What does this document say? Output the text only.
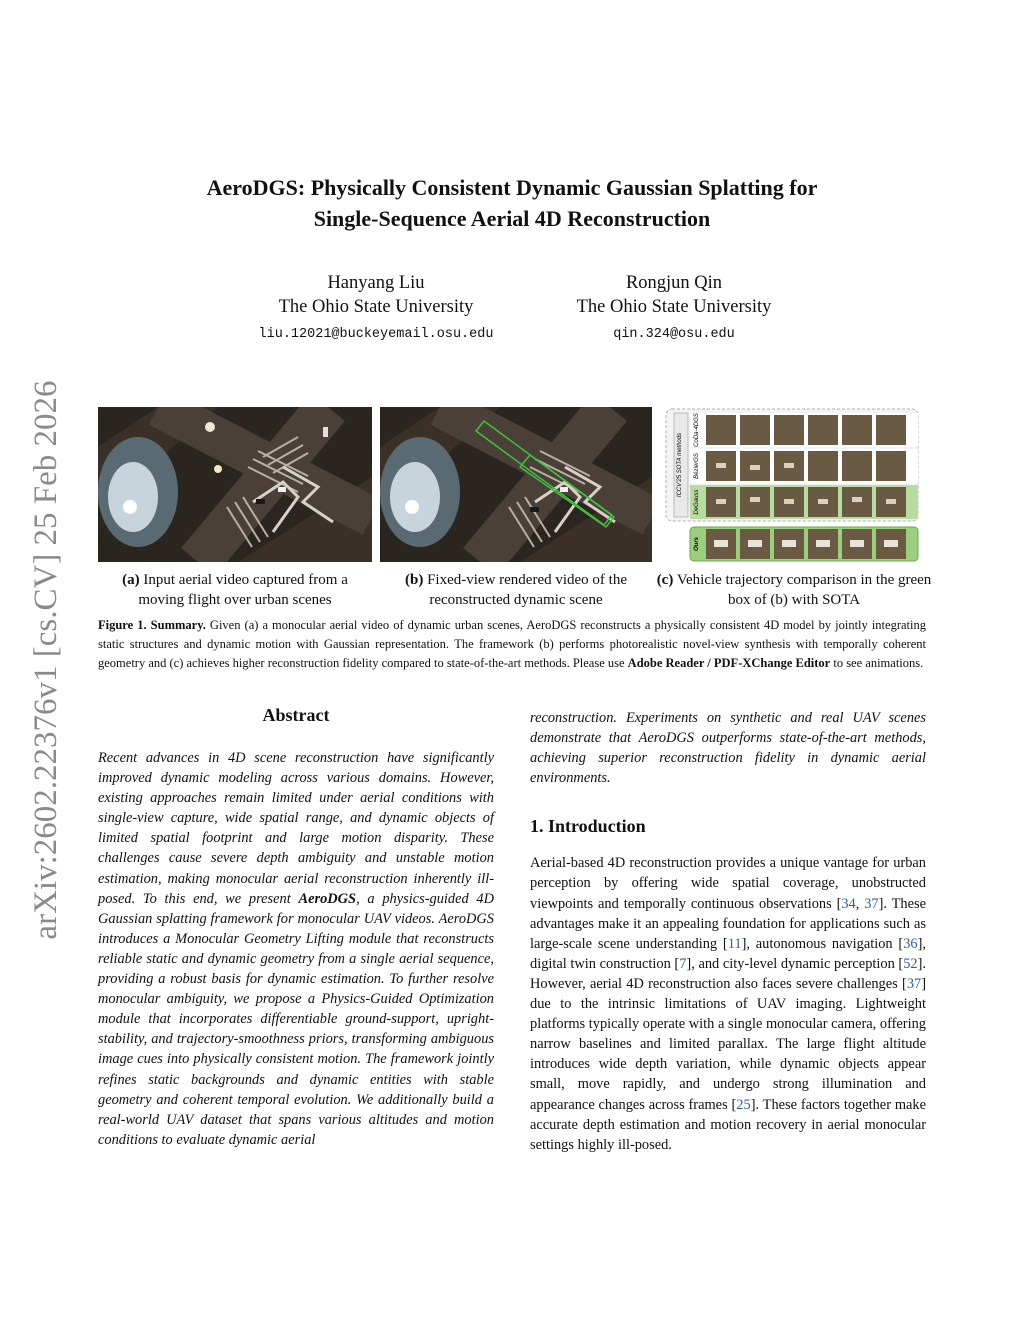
arXiv:2602.22376v1 [cs.CV] 25 Feb 2026
AeroDGS: Physically Consistent Dynamic Gaussian Splatting for
Single-Sequence Aerial 4D Reconstruction
Hanyang Liu
The Ohio State University
liu.12021@buckeyemail.osu.edu
Rongjun Qin
The Ohio State University
qin.324@osu.edu
ICCV'25 SOTA methods
CoDa-4DGS
BézierGS
DeGauss
Ours
(a) Input aerial video captured from a moving flight over urban scenes
(b) Fixed-view rendered video of the reconstructed dynamic scene
(c) Vehicle trajectory comparison in the green box of (b) with SOTA
Figure 1. Summary. Given (a) a monocular aerial video of dynamic urban scenes, AeroDGS reconstructs a physically consistent 4D model by jointly integrating static structures and dynamic motion with Gaussian representation. The framework (b) performs photorealistic novel-view synthesis with temporally coherent geometry and (c) achieves higher reconstruction fidelity compared to state-of-the-art methods. Please use Adobe Reader / PDF-XChange Editor to see animations.
Abstract
Recent advances in 4D scene reconstruction have significantly improved dynamic modeling across various domains. However, existing approaches remain limited under aerial conditions with single-view capture, wide spatial range, and dynamic objects of limited spatial footprint and large motion disparity. These challenges cause severe depth ambiguity and unstable motion estimation, making monocular aerial reconstruction inherently ill-posed. To this end, we present AeroDGS, a physics-guided 4D Gaussian splatting framework for monocular UAV videos. AeroDGS introduces a Monocular Geometry Lifting module that reconstructs reliable static and dynamic geometry from a single aerial sequence, providing a robust basis for dynamic estimation. To further resolve monocular ambiguity, we propose a Physics-Guided Optimization module that incorporates differentiable ground-support, upright-stability, and trajectory-smoothness priors, transforming ambiguous image cues into physically consistent motion. The framework jointly refines static backgrounds and dynamic entities with stable geometry and coherent temporal evolution. We additionally build a real-world UAV dataset that spans various altitudes and motion conditions to evaluate dynamic aerial
reconstruction. Experiments on synthetic and real UAV scenes demonstrate that AeroDGS outperforms state-of-the-art methods, achieving superior reconstruction fidelity in dynamic aerial environments.
1. Introduction
Aerial-based 4D reconstruction provides a unique vantage for urban perception by offering wide spatial coverage, unobstructed viewpoints and temporally continuous observations [34, 37]. These advantages make it an appealing foundation for applications such as large-scale scene understanding [11], autonomous navigation [36], digital twin construction [7], and city-level dynamic perception [52]. However, aerial 4D reconstruction also faces severe challenges [37] due to the intrinsic limitations of UAV imaging. Lightweight platforms typically operate with a single monocular camera, offering narrow baselines and limited parallax. The large flight altitude introduces wide depth variation, while dynamic objects appear small, move rapidly, and undergo strong illumination and appearance changes across frames [25]. These factors together make accurate depth estimation and motion recovery in aerial monocular settings highly ill-posed.
